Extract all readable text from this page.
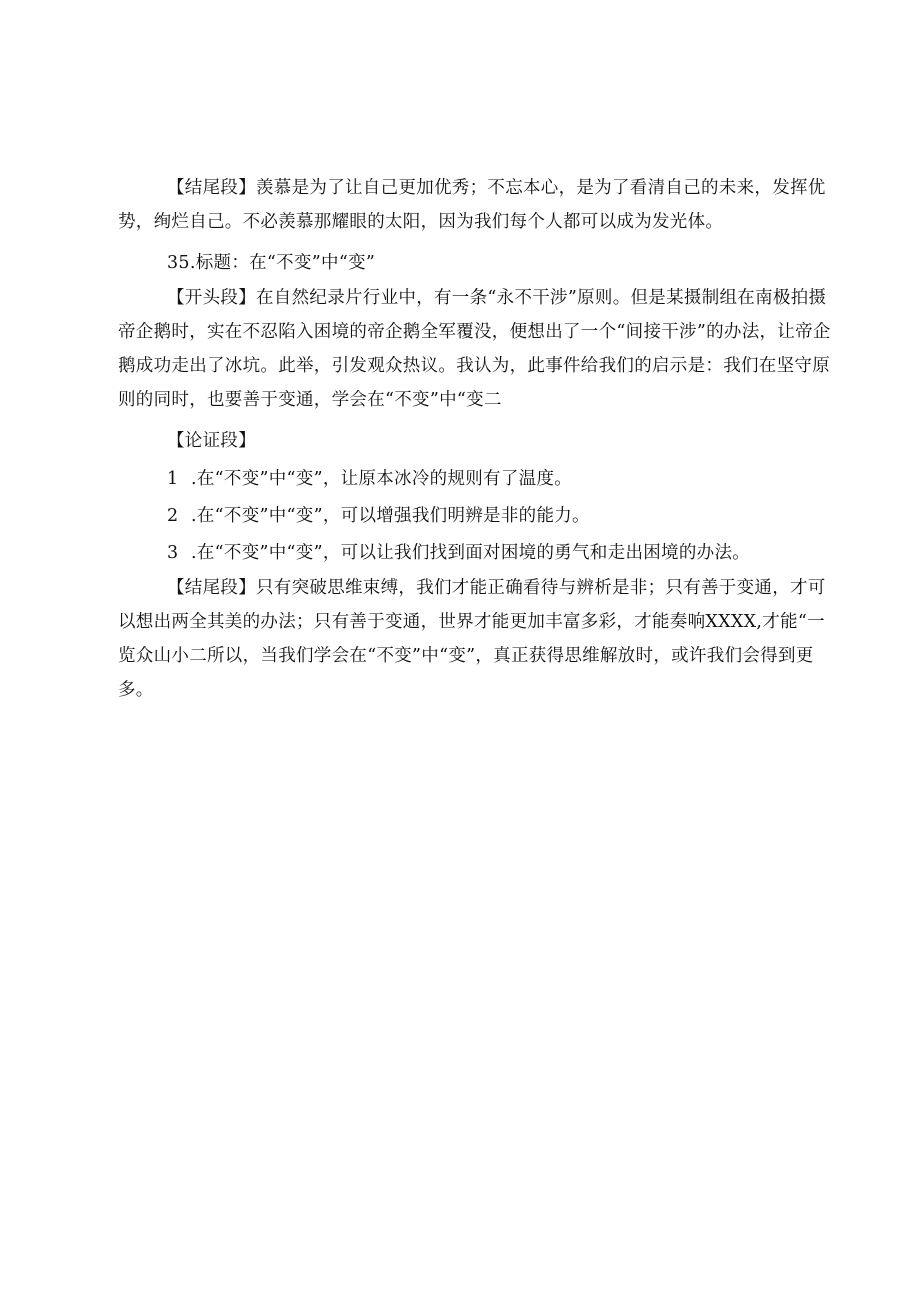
【结尾段】羡慕是为了让自己更加优秀；不忘本心，是为了看清自己的未来，发挥优势，绚烂自己。不必羡慕那耀眼的太阳，因为我们每个人都可以成为发光体。

35.标题：在“不变”中“变”

【开头段】在自然纪录片行业中，有一条“永不干涉”原则。但是某摄制组在南极拍摄帝企鹅时，实在不忍陷入困境的帝企鹅全军覆没，便想出了一个“间接干涉”的办法，让帝企鹅成功走出了冰坑。此举，引发观众热议。我认为，此事件给我们的启示是：我们在坚守原则的同时，也要善于变通，学会在“不变”中“变二

【论证段】

1 .在“不变”中“变”，让原本冰冷的规则有了温度。

2 .在“不变”中“变”，可以增强我们明辨是非的能力。

3 .在“不变”中“变”，可以让我们找到面对困境的勇气和走出困境的办法。

【结尾段】只有突破思维束缚，我们才能正确看待与辨析是非；只有善于变通，才可以想出两全其美的办法；只有善于变通，世界才能更加丰富多彩，才能奏响XXXX,才能“一览众山小二所以，当我们学会在“不变”中“变”，真正获得思维解放时，或许我们会得到更多。
